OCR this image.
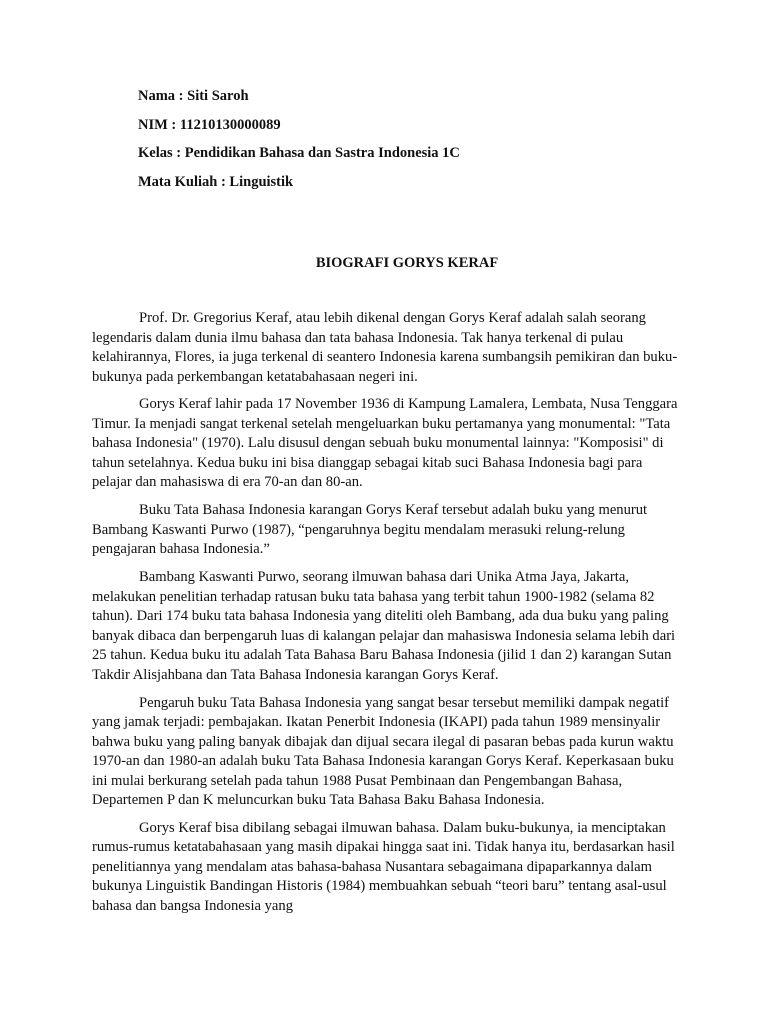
Nama : Siti Saroh

NIM : 11210130000089

Kelas : Pendidikan Bahasa dan Sastra Indonesia 1C

Mata Kuliah : Linguistik

BIOGRAFI GORYS KERAF

Prof. Dr. Gregorius Keraf, atau lebih dikenal dengan Gorys Keraf adalah salah seorang legendaris dalam dunia ilmu bahasa dan tata bahasa Indonesia. Tak hanya terkenal di pulau kelahirannya, Flores, ia juga terkenal di seantero Indonesia karena sumbangsih pemikiran dan buku-bukunya pada perkembangan ketatabahasaan negeri ini.

Gorys Keraf lahir pada 17 November 1936 di Kampung Lamalera, Lembata, Nusa Tenggara Timur. Ia menjadi sangat terkenal setelah mengeluarkan buku pertamanya yang monumental: "Tata bahasa Indonesia" (1970). Lalu disusul dengan sebuah buku monumental lainnya: "Komposisi" di tahun setelahnya. Kedua buku ini bisa dianggap sebagai kitab suci Bahasa Indonesia bagi para pelajar dan mahasiswa di era 70-an dan 80-an.

Buku Tata Bahasa Indonesia karangan Gorys Keraf tersebut adalah buku yang menurut Bambang Kaswanti Purwo (1987), “pengaruhnya begitu mendalam merasuki relung-relung pengajaran bahasa Indonesia.”

Bambang Kaswanti Purwo, seorang ilmuwan bahasa dari Unika Atma Jaya, Jakarta, melakukan penelitian terhadap ratusan buku tata bahasa yang terbit tahun 1900-1982 (selama 82 tahun). Dari 174 buku tata bahasa Indonesia yang diteliti oleh Bambang, ada dua buku yang paling banyak dibaca dan berpengaruh luas di kalangan pelajar dan mahasiswa Indonesia selama lebih dari 25 tahun. Kedua buku itu adalah Tata Bahasa Baru Bahasa Indonesia (jilid 1 dan 2) karangan Sutan Takdir Alisjahbana dan Tata Bahasa Indonesia karangan Gorys Keraf.

Pengaruh buku Tata Bahasa Indonesia yang sangat besar tersebut memiliki dampak negatif yang jamak terjadi: pembajakan. Ikatan Penerbit Indonesia (IKAPI) pada tahun 1989 mensinyalir bahwa buku yang paling banyak dibajak dan dijual secara ilegal di pasaran bebas pada kurun waktu 1970-an dan 1980-an adalah buku Tata Bahasa Indonesia karangan Gorys Keraf. Keperkasaan buku ini mulai berkurang setelah pada tahun 1988 Pusat Pembinaan dan Pengembangan Bahasa, Departemen P dan K meluncurkan buku Tata Bahasa Baku Bahasa Indonesia.

Gorys Keraf bisa dibilang sebagai ilmuwan bahasa. Dalam buku-bukunya, ia menciptakan rumus-rumus ketatabahasaan yang masih dipakai hingga saat ini. Tidak hanya itu, berdasarkan hasil penelitiannya yang mendalam atas bahasa-bahasa Nusantara sebagaimana dipaparkannya dalam bukunya Linguistik Bandingan Historis (1984) membuahkan sebuah “teori baru” tentang asal-usul bahasa dan bangsa Indonesia yang
